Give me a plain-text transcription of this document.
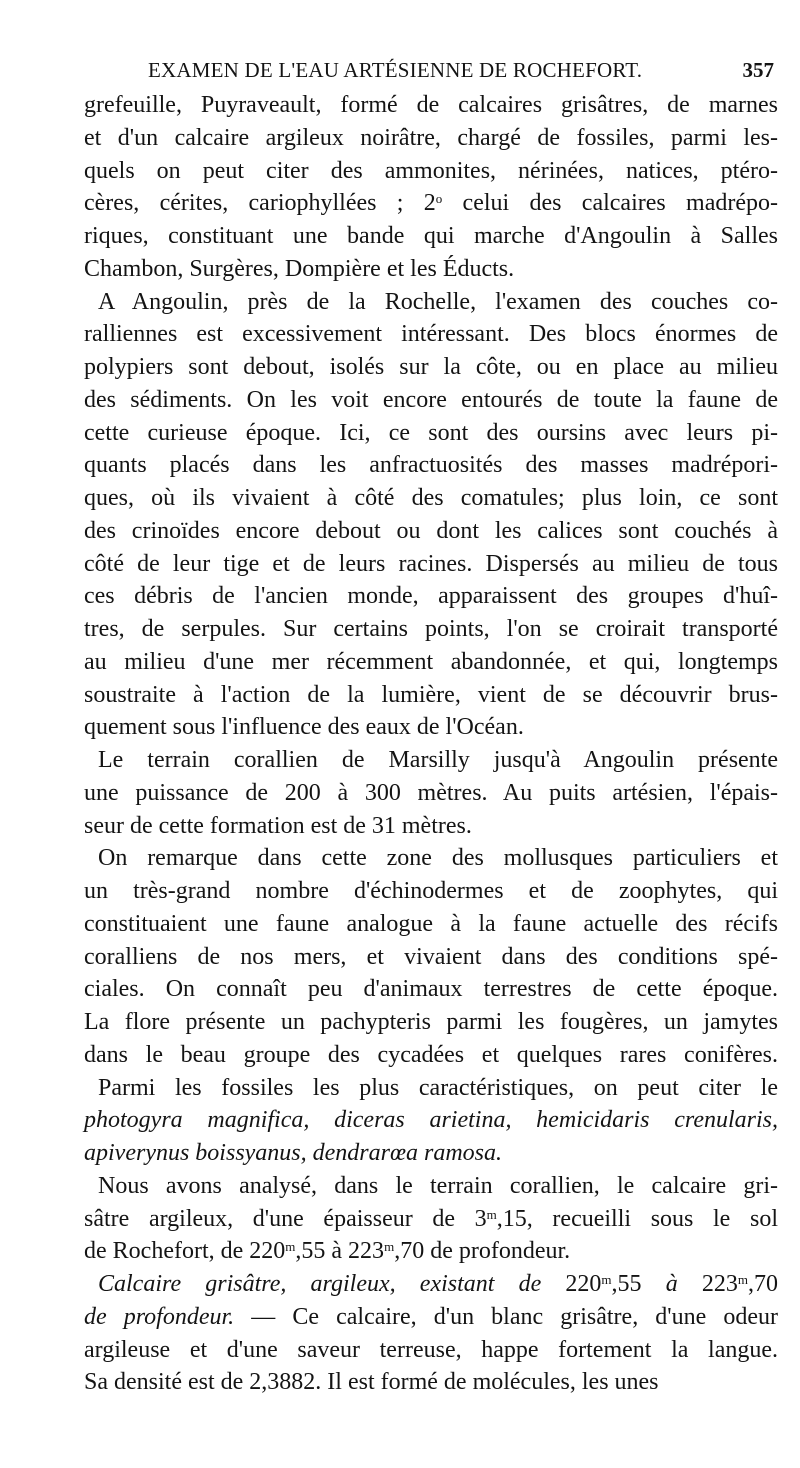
EXAMEN DE L'EAU ARTÉSIENNE DE ROCHEFORT.	357
grefeuille, Puyraveault, formé de calcaires grisâtres, de marnes
et d'un calcaire argileux noirâtre, chargé de fossiles, parmi les-
quels on peut citer des ammonites, nérinées, natices, ptéro-
cères, cérites, cariophyllées ; 2$^o$ celui des calcaires madrépo-
riques, constituant une bande qui marche d'Angoulin à Salles
Chambon, Surgères, Dompière et les Éducts.
A Angoulin, près de la Rochelle, l'examen des couches co-
ralliennes est excessivement intéressant. Des blocs énormes de
polypiers sont debout, isolés sur la côte, ou en place au milieu
des sédiments. On les voit encore entourés de toute la faune de
cette curieuse époque. Ici, ce sont des oursins avec leurs pi-
quants placés dans les anfractuosités des masses madrépori-
ques, où ils vivaient à côté des comatules; plus loin, ce sont
des crinoïdes encore debout ou dont les calices sont couchés à
côté de leur tige et de leurs racines. Dispersés au milieu de tous
ces débris de l'ancien monde, apparaissent des groupes d'huî-
tres, de serpules. Sur certains points, l'on se croirait transporté
au milieu d'une mer récemment abandonnée, et qui, longtemps
soustraite à l'action de la lumière, vient de se découvrir brus-
quement sous l'influence des eaux de l'Océan.
Le terrain corallien de Marsilly jusqu'à Angoulin présente
une puissance de 200 à 300 mètres. Au puits artésien, l'épais-
seur de cette formation est de 31 mètres.
On remarque dans cette zone des mollusques particuliers et
un très-grand nombre d'échinodermes et de zoophytes, qui
constituaient une faune analogue à la faune actuelle des récifs
coralliens de nos mers, et vivaient dans des conditions spé-
ciales. On connaît peu d'animaux terrestres de cette époque.
La flore présente un pachypteris parmi les fougères, un jamytes
dans le beau groupe des cycadées et quelques rares conifères.
Parmi les fossiles les plus caractéristiques, on peut citer le
photogyra magnifica, diceras arietina, hemicidaris crenularis,
apiverynus boissyanus, dendrarœa ramosa.
Nous avons analysé, dans le terrain corallien, le calcaire gri-
sâtre argileux, d'une épaisseur de 3$^m$,15, recueilli sous le sol
de Rochefort, de 220$^m$,55 à 223$^m$,70 de profondeur.
Calcaire grisâtre, argileux, existant de 220$^m$,55 à 223$^m$,70
de profondeur. — Ce calcaire, d'un blanc grisâtre, d'une odeur
argileuse et d'une saveur terreuse, happe fortement la langue.
Sa densité est de 2,3882. Il est formé de molécules, les unes
